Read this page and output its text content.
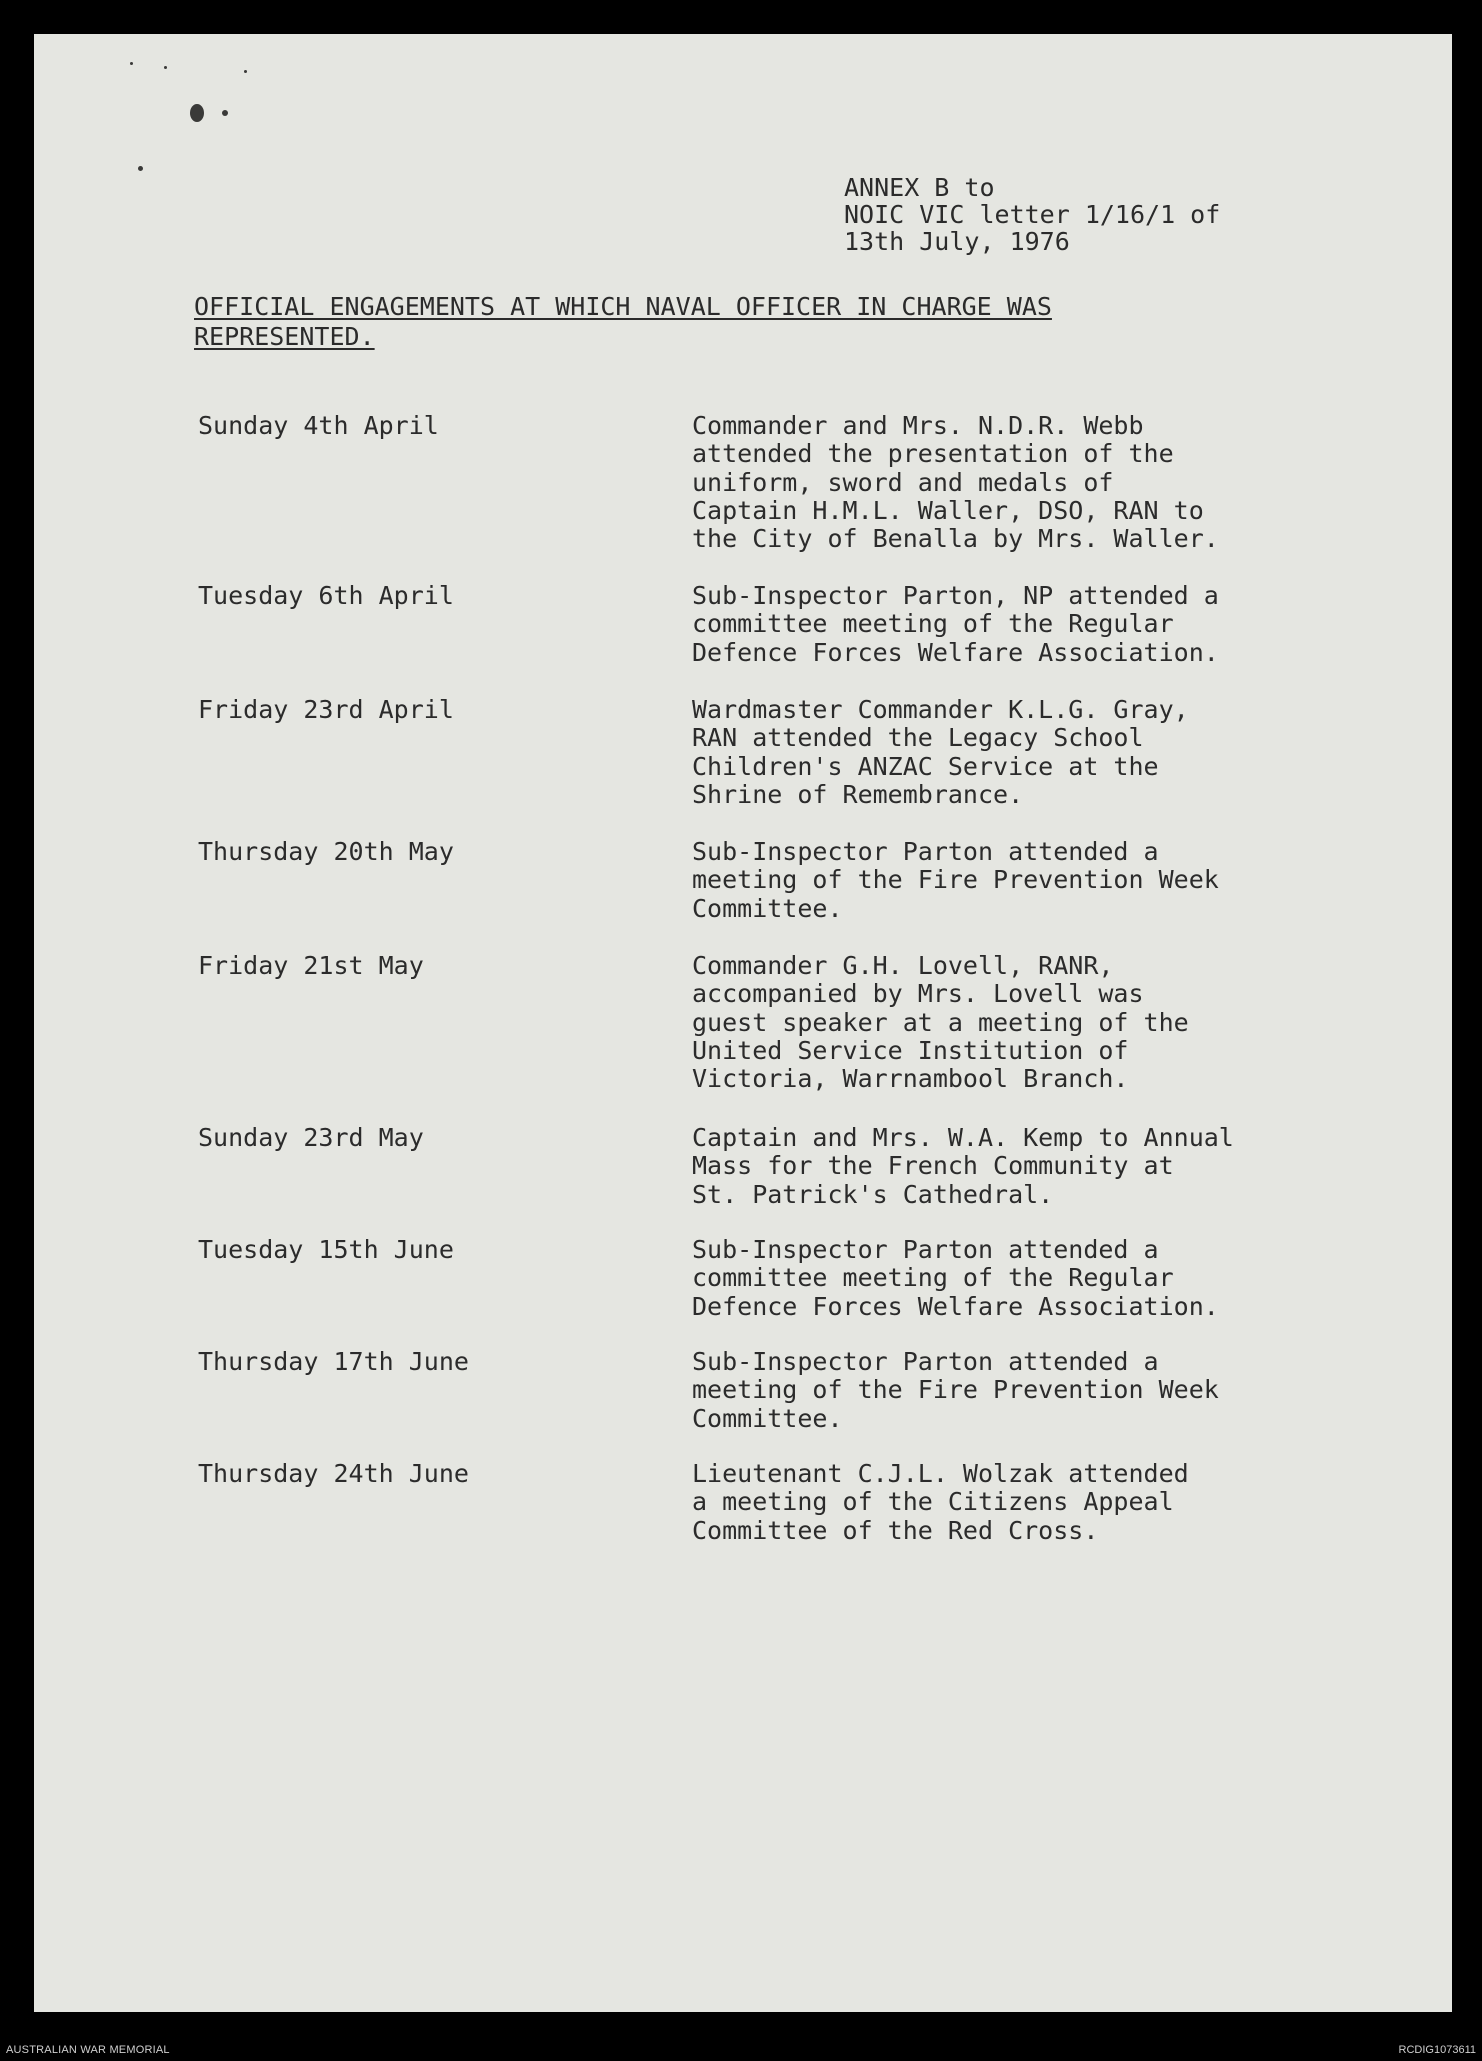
ANNEX B to
NOIC VIC letter 1/16/1 of
13th July, 1976
OFFICIAL ENGAGEMENTS AT WHICH NAVAL OFFICER IN CHARGE WAS
REPRESENTED.
Sunday 4th April	Commander and Mrs. N.D.R. Webb
attended the presentation of the
uniform, sword and medals of
Captain H.M.L. Waller, DSO, RAN to
the City of Benalla by Mrs. Waller.
Tuesday 6th April	Sub-Inspector Parton, NP attended a
committee meeting of the Regular
Defence Forces Welfare Association.
Friday 23rd April	Wardmaster Commander K.L.G. Gray,
RAN attended the Legacy School
Children's ANZAC Service at the
Shrine of Remembrance.
Thursday 20th May	Sub-Inspector Parton attended a
meeting of the Fire Prevention Week
Committee.
Friday 21st May	Commander G.H. Lovell, RANR,
accompanied by Mrs. Lovell was
guest speaker at a meeting of the
United Service Institution of
Victoria, Warrnambool Branch.
Sunday 23rd May	Captain and Mrs. W.A. Kemp to Annual
Mass for the French Community at
St. Patrick's Cathedral.
Tuesday 15th June	Sub-Inspector Parton attended a
committee meeting of the Regular
Defence Forces Welfare Association.
Thursday 17th June	Sub-Inspector Parton attended a
meeting of the Fire Prevention Week
Committee.
Thursday 24th June	Lieutenant C.J.L. Wolzak attended
a meeting of the Citizens Appeal
Committee of the Red Cross.
AUSTRALIAN WAR MEMORIAL	RCDIG1073611
